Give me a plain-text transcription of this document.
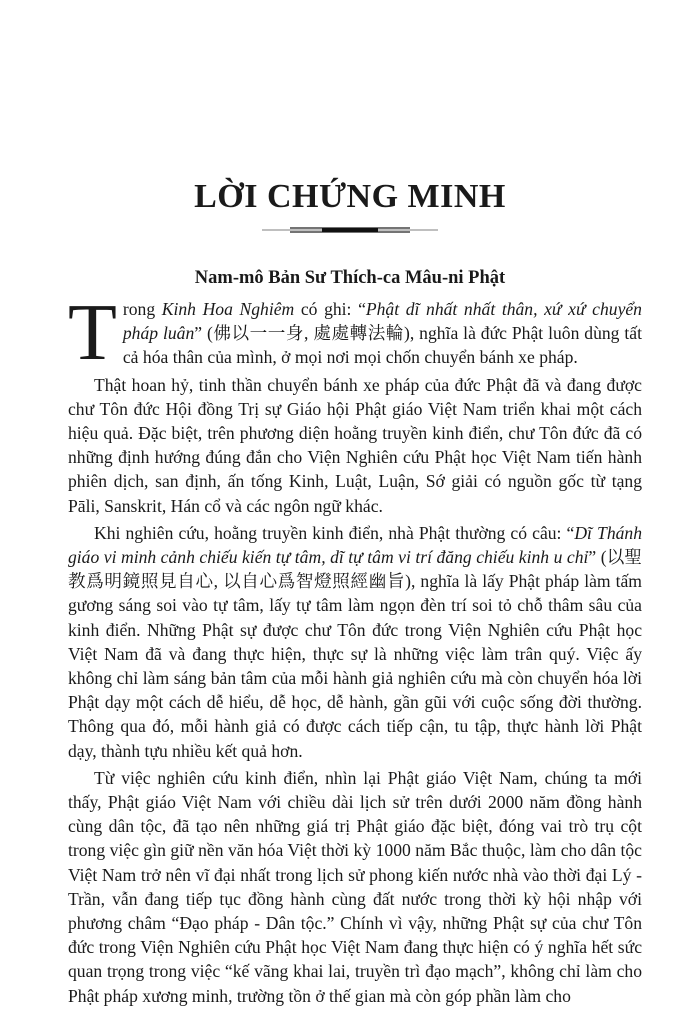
LỜI CHỨNG MINH
Nam-mô Bản Sư Thích-ca Mâu-ni Phật

Trong Kinh Hoa Nghiêm có ghi: “Phật dĩ nhất nhất thân, xứ xứ chuyển pháp luân” (佛以一一身, 處處轉法輪), nghĩa là đức Phật luôn dùng tất cả hóa thân của mình, ở mọi nơi mọi chốn chuyển bánh xe pháp.

Thật hoan hỷ, tinh thần chuyển bánh xe pháp của đức Phật đã và đang được chư Tôn đức Hội đồng Trị sự Giáo hội Phật giáo Việt Nam triển khai một cách hiệu quả. Đặc biệt, trên phương diện hoằng truyền kinh điển, chư Tôn đức đã có những định hướng đúng đắn cho Viện Nghiên cứu Phật học Việt Nam tiến hành phiên dịch, san định, ấn tống Kinh, Luật, Luận, Sớ giải có nguồn gốc từ tạng Pāli, Sanskrit, Hán cổ và các ngôn ngữ khác.

Khi nghiên cứu, hoằng truyền kinh điển, nhà Phật thường có câu: “Dĩ Thánh giáo vi minh cảnh chiếu kiến tự tâm, dĩ tự tâm vi trí đăng chiếu kinh u chỉ” (以聖教爲明鏡照見自心, 以自心爲智燈照經幽旨), nghĩa là lấy Phật pháp làm tấm gương sáng soi vào tự tâm, lấy tự tâm làm ngọn đèn trí soi tỏ chỗ thâm sâu của kinh điển. Những Phật sự được chư Tôn đức trong Viện Nghiên cứu Phật học Việt Nam đã và đang thực hiện, thực sự là những việc làm trân quý. Việc ấy không chỉ làm sáng bản tâm của mỗi hành giả nghiên cứu mà còn chuyển hóa lời Phật dạy một cách dễ hiểu, dễ học, dễ hành, gần gũi với cuộc sống đời thường. Thông qua đó, mỗi hành giả có được cách tiếp cận, tu tập, thực hành lời Phật dạy, thành tựu nhiều kết quả hơn.

Từ việc nghiên cứu kinh điển, nhìn lại Phật giáo Việt Nam, chúng ta mới thấy, Phật giáo Việt Nam với chiều dài lịch sử trên dưới 2000 năm đồng hành cùng dân tộc, đã tạo nên những giá trị Phật giáo đặc biệt, đóng vai trò trụ cột trong việc gìn giữ nền văn hóa Việt thời kỳ 1000 năm Bắc thuộc, làm cho dân tộc Việt Nam trở nên vĩ đại nhất trong lịch sử phong kiến nước nhà vào thời đại Lý - Trần, vẫn đang tiếp tục đồng hành cùng đất nước trong thời kỳ hội nhập với phương châm “Đạo pháp - Dân tộc.” Chính vì vậy, những Phật sự của chư Tôn đức trong Viện Nghiên cứu Phật học Việt Nam đang thực hiện có ý nghĩa hết sức quan trọng trong việc “kế vãng khai lai, truyền trì đạo mạch”, không chỉ làm cho Phật pháp xương minh, trường tồn ở thế gian mà còn góp phần làm cho
